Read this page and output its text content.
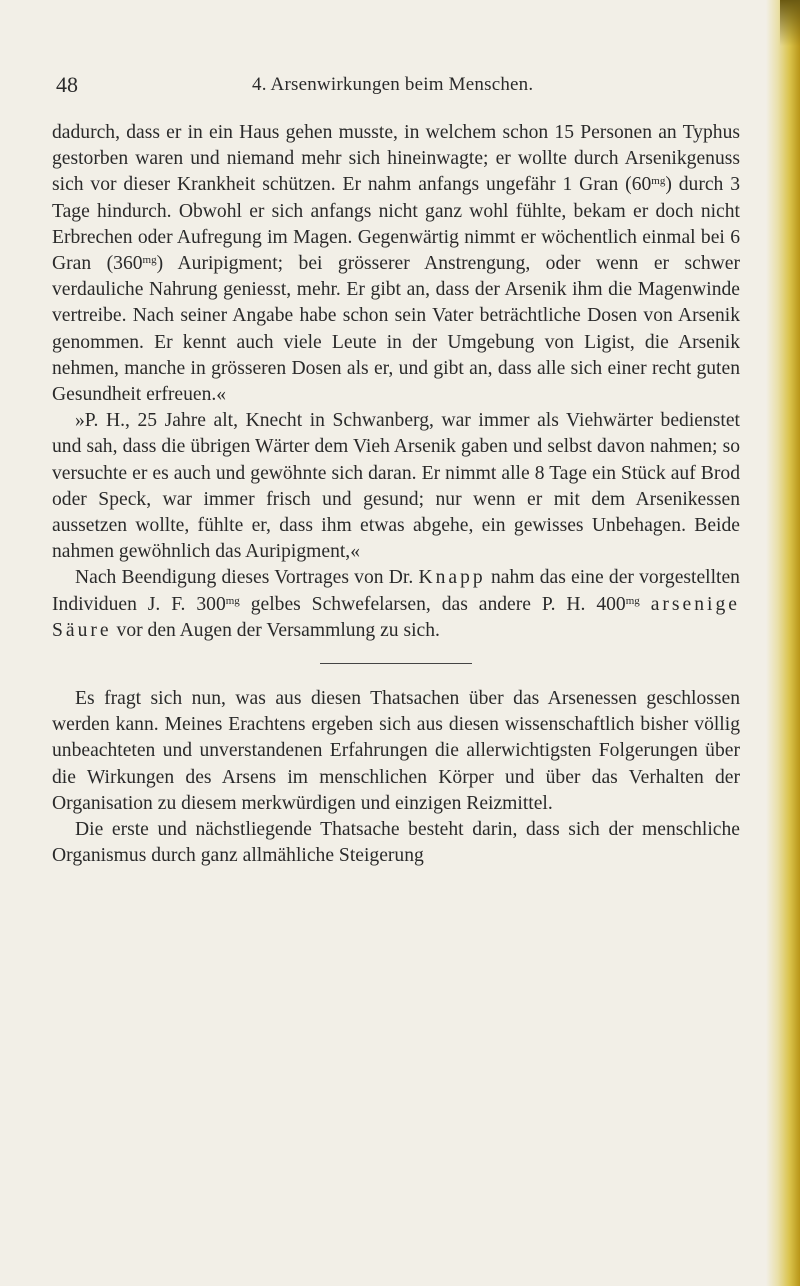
48	4. Arsenwirkungen beim Menschen.

dadurch, dass er in ein Haus gehen musste, in welchem schon 15 Personen an Typhus gestorben waren und niemand mehr sich hineinwagte; er wollte durch Arsenikgenuss sich vor dieser Krankheit schützen. Er nahm anfangs ungefähr 1 Gran $(60^{mg})$ durch 3 Tage hindurch. Obwohl er sich anfangs nicht ganz wohl fühlte, bekam er doch nicht Erbrechen oder Aufregung im Magen. Gegenwärtig nimmt er wöchentlich einmal bei 6 Gran $(360^{mg})$ Auripigment; bei grösserer Anstrengung, oder wenn er schwer verdauliche Nahrung geniesst, mehr. Er gibt an, dass der Arsenik ihm die Magenwinde vertreibe. Nach seiner Angabe habe schon sein Vater beträchtliche Dosen von Arsenik genommen. Er kennt auch viele Leute in der Umgebung von Ligist, die Arsenik nehmen, manche in grösseren Dosen als er, und gibt an, dass alle sich einer recht guten Gesundheit erfreuen.«

»P. H., 25 Jahre alt, Knecht in Schwanberg, war immer als Viehwärter bedienstet und sah, dass die übrigen Wärter dem Vieh Arsenik gaben und selbst davon nahmen; so versuchte er es auch und gewöhnte sich daran. Er nimmt alle 8 Tage ein Stück auf Brod oder Speck, war immer frisch und gesund; nur wenn er mit dem Arsenikessen aussetzen wollte, fühlte er, dass ihm etwas abgehe, ein gewisses Unbehagen. Beide nahmen gewöhnlich das Auripigment,«

Nach Beendigung dieses Vortrages von Dr. Knapp nahm das eine der vorgestellten Individuen J. F. $300^{mg}$ gelbes Schwefelarsen, das andere P. H. $400^{mg}$ arsenige Säure vor den Augen der Versammlung zu sich.

Es fragt sich nun, was aus diesen Thatsachen über das Arsenessen geschlossen werden kann. Meines Erachtens ergeben sich aus diesen wissenschaftlich bisher völlig unbeachteten und unverstandenen Erfahrungen die allerwichtigsten Folgerungen über die Wirkungen des Arsens im menschlichen Körper und über das Verhalten der Organisation zu diesem merkwürdigen und einzigen Reizmittel.

Die erste und nächstliegende Thatsache besteht darin, dass sich der menschliche Organismus durch ganz allmähliche Steigerung
